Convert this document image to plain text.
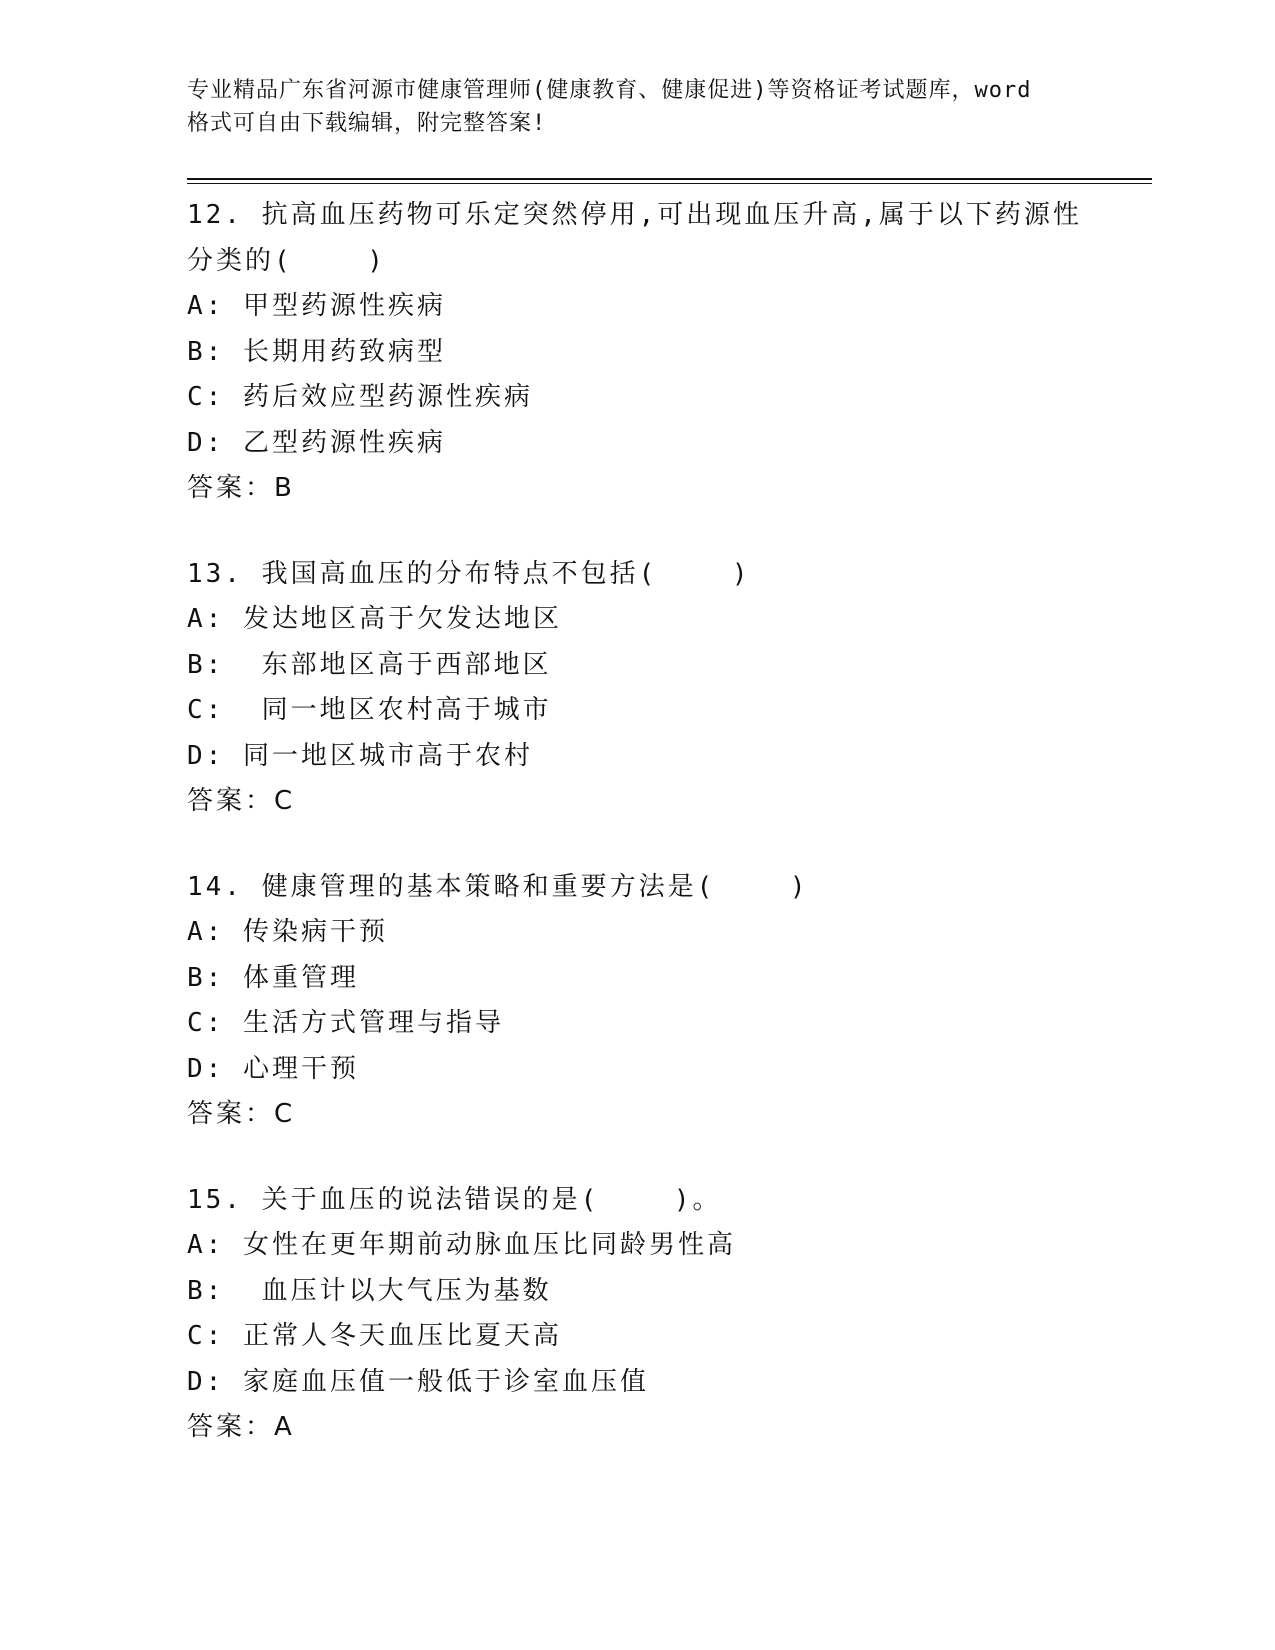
专业精品广东省河源市健康管理师(健康教育、健康促进)等资格证考试题库，word
格式可自由下载编辑，附完整答案!
12. 抗高血压药物可乐定突然停用,可出现血压升高,属于以下药源性
分类的(    )
A: 甲型药源性疾病
B: 长期用药致病型
C: 药后效应型药源性疾病
D: 乙型药源性疾病
答案：B
13. 我国高血压的分布特点不包括(    )
A: 发达地区高于欠发达地区
B:  东部地区高于西部地区
C:  同一地区农村高于城市
D: 同一地区城市高于农村
答案：C
14. 健康管理的基本策略和重要方法是(    )
A: 传染病干预
B: 体重管理
C: 生活方式管理与指导
D: 心理干预
答案：C
15. 关于血压的说法错误的是(    )。
A: 女性在更年期前动脉血压比同龄男性高
B:  血压计以大气压为基数
C: 正常人冬天血压比夏天高
D: 家庭血压值一般低于诊室血压值
答案：A
